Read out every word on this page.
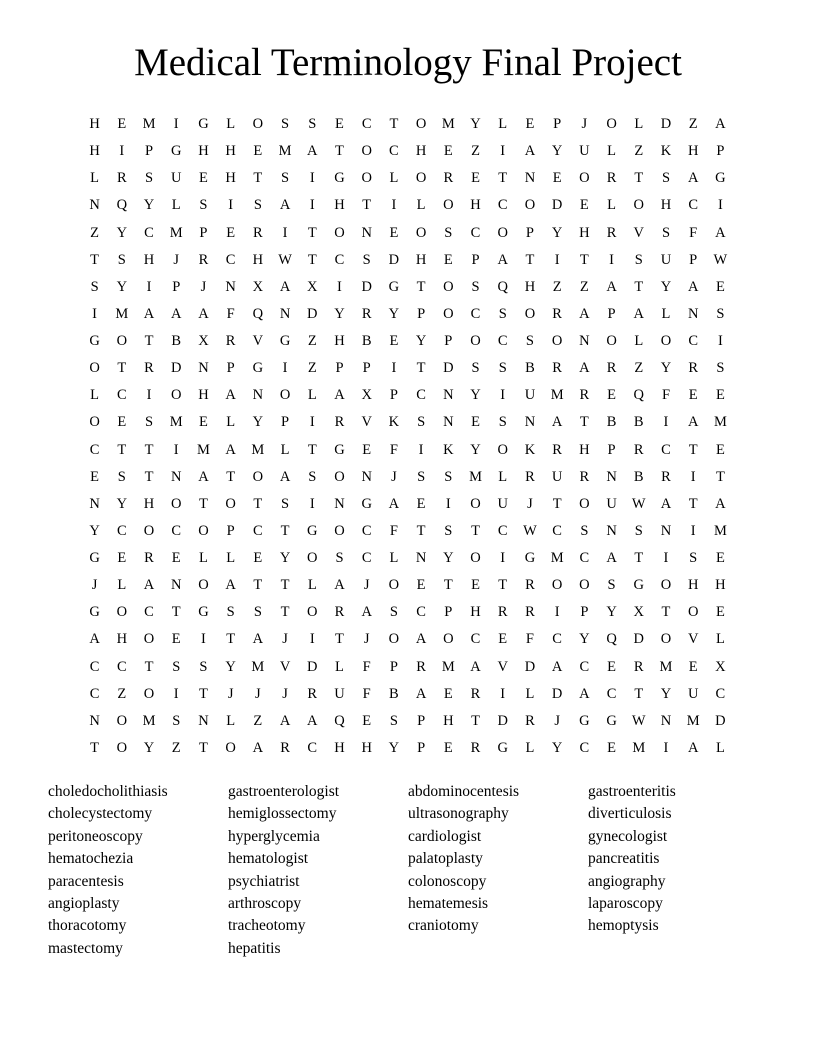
Medical Terminology Final Project
H	E	M	I	G	L	O	S	S	E	C	T	O	M	Y	L	E	P	J	O	L	D	Z	A
H	I	P	G	H	H	E	M	A	T	O	C	H	E	Z	I	A	Y	U	L	Z	K	H	P
L	R	S	U	E	H	T	S	I	G	O	L	O	R	E	T	N	E	O	R	T	S	A	G
N	Q	Y	L	S	I	S	A	I	H	T	I	L	O	H	C	O	D	E	L	O	H	C	I
Z	Y	C	M	P	E	R	I	T	O	N	E	O	S	C	O	P	Y	H	R	V	S	F	A
T	S	H	J	R	C	H	W	T	C	S	D	H	E	P	A	T	I	T	I	S	U	P	W
S	Y	I	P	J	N	X	A	X	I	D	G	T	O	S	Q	H	Z	Z	A	T	Y	A	E
I	M	A	A	A	F	Q	N	D	Y	R	Y	P	O	C	S	O	R	A	P	A	L	N	S
G	O	T	B	X	R	V	G	Z	H	B	E	Y	P	O	C	S	O	N	O	L	O	C	I
O	T	R	D	N	P	G	I	Z	P	P	I	T	D	S	S	B	R	A	R	Z	Y	R	S
L	C	I	O	H	A	N	O	L	A	X	P	C	N	Y	I	U	M	R	E	Q	F	E	E
O	E	S	M	E	L	Y	P	I	R	V	K	S	N	E	S	N	A	T	B	B	I	A	M
C	T	T	I	M	A	M	L	T	G	E	F	I	K	Y	O	K	R	H	P	R	C	T	E
E	S	T	N	A	T	O	A	S	O	N	J	S	S	M	L	R	U	R	N	B	R	I	T
N	Y	H	O	T	O	T	S	I	N	G	A	E	I	O	U	J	T	O	U	W	A	T	A
Y	C	O	C	O	P	C	T	G	O	C	F	T	S	T	C	W	C	S	N	S	N	I	M
G	E	R	E	L	L	E	Y	O	S	C	L	N	Y	O	I	G	M	C	A	T	I	S	E
J	L	A	N	O	A	T	T	L	A	J	O	E	T	E	T	R	O	O	S	G	O	H	H
G	O	C	T	G	S	S	T	O	R	A	S	C	P	H	R	R	I	P	Y	X	T	O	E
A	H	O	E	I	T	A	J	I	T	J	O	A	O	C	E	F	C	Y	Q	D	O	V	L
C	C	T	S	S	Y	M	V	D	L	F	P	R	M	A	V	D	A	C	E	R	M	E	X
C	Z	O	I	T	J	J	J	R	U	F	B	A	E	R	I	L	D	A	C	T	Y	U	C
N	O	M	S	N	L	Z	A	A	Q	E	S	P	H	T	D	R	J	G	G	W	N	M	D
T	O	Y	Z	T	O	A	R	C	H	H	Y	P	E	R	G	L	Y	C	E	M	I	A	L
choledocholithiasis
cholecystectomy
peritoneoscopy
hematochezia
paracentesis
angioplasty
thoracotomy
mastectomy
gastroenterologist
hemiglossectomy
hyperglycemia
hematologist
psychiatrist
arthroscopy
tracheotomy
hepatitis
abdominocentesis
ultrasonography
cardiologist
palatoplasty
colonoscopy
hematemesis
craniotomy
gastroenteritis
diverticulosis
gynecologist
pancreatitis
angiography
laparoscopy
hemoptysis
